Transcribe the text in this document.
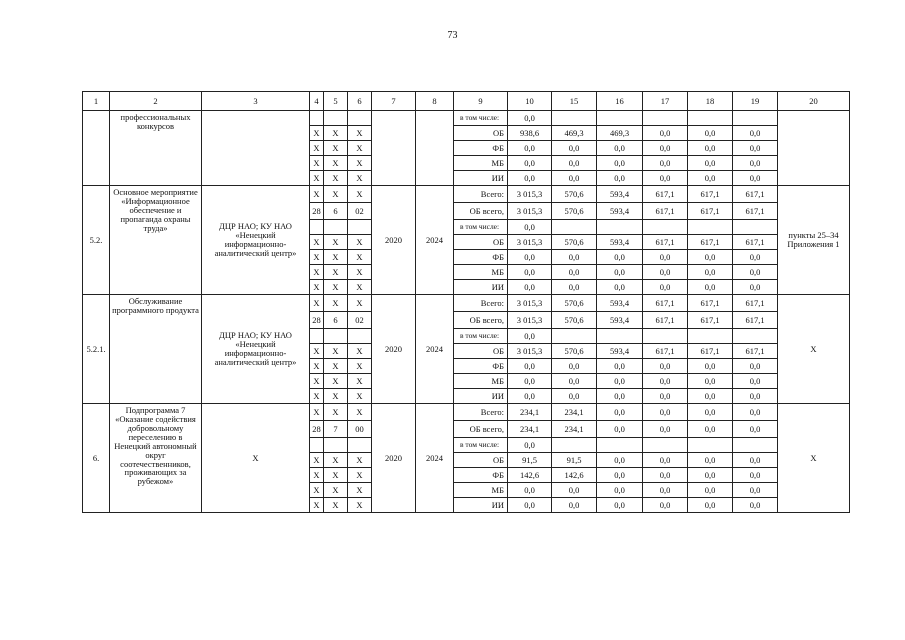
73
1	2	3	4	5	6	7	8	9	10	15	16	17	18	19	20
	профессиональных конкурсов							в том числе:	0,0						
			Х	Х	Х			ОБ	938,6	469,3	469,3	0,0	0,0	0,0	
			Х	Х	Х			ФБ	0,0	0,0	0,0	0,0	0,0	0,0	
			Х	Х	Х			МБ	0,0	0,0	0,0	0,0	0,0	0,0	
			Х	Х	Х			ИИ	0,0	0,0	0,0	0,0	0,0	0,0	
5.2.	Основное мероприятие «Информационное обеспечение и пропаганда охраны труда»	ДЦР НАО; КУ НАО «Ненецкий информационно-аналитический центр»	Х	Х	Х	2020	2024	Всего:	3 015,3	570,6	593,4	617,1	617,1	617,1	пункты 25–34 Приложения 1
			28	6	02			ОБ всего,	3 015,3	570,6	593,4	617,1	617,1	617,1	
								в том числе:	0,0						
			Х	Х	Х			ОБ	3 015,3	570,6	593,4	617,1	617,1	617,1	
			Х	Х	Х			ФБ	0,0	0,0	0,0	0,0	0,0	0,0	
			Х	Х	Х			МБ	0,0	0,0	0,0	0,0	0,0	0,0	
			Х	Х	Х			ИИ	0,0	0,0	0,0	0,0	0,0	0,0	
5.2.1.	Обслуживание программного продукта	ДЦР НАО; КУ НАО «Ненецкий информационно-аналитический центр»	Х	Х	Х	2020	2024	Всего:	3 015,3	570,6	593,4	617,1	617,1	617,1	Х
			28	6	02			ОБ всего,	3 015,3	570,6	593,4	617,1	617,1	617,1	
								в том числе:	0,0						
			Х	Х	Х			ОБ	3 015,3	570,6	593,4	617,1	617,1	617,1	
			Х	Х	Х			ФБ	0,0	0,0	0,0	0,0	0,0	0,0	
			Х	Х	Х			МБ	0,0	0,0	0,0	0,0	0,0	0,0	
			Х	Х	Х			ИИ	0,0	0,0	0,0	0,0	0,0	0,0	
6.	Подпрограмма 7 «Оказание содействия добровольному переселению в Ненецкий автономный округ соотечественников, проживающих за рубежом»	Х	Х	Х	Х	2020	2024	Всего:	234,1	234,1	0,0	0,0	0,0	0,0	Х
			28	7	00			ОБ всего,	234,1	234,1	0,0	0,0	0,0	0,0	
								в том числе:	0,0						
			Х	Х	Х			ОБ	91,5	91,5	0,0	0,0	0,0	0,0	
			Х	Х	Х			ФБ	142,6	142,6	0,0	0,0	0,0	0,0	
			Х	Х	Х			МБ	0,0	0,0	0,0	0,0	0,0	0,0	
			Х	Х	Х			ИИ	0,0	0,0	0,0	0,0	0,0	0,0	
